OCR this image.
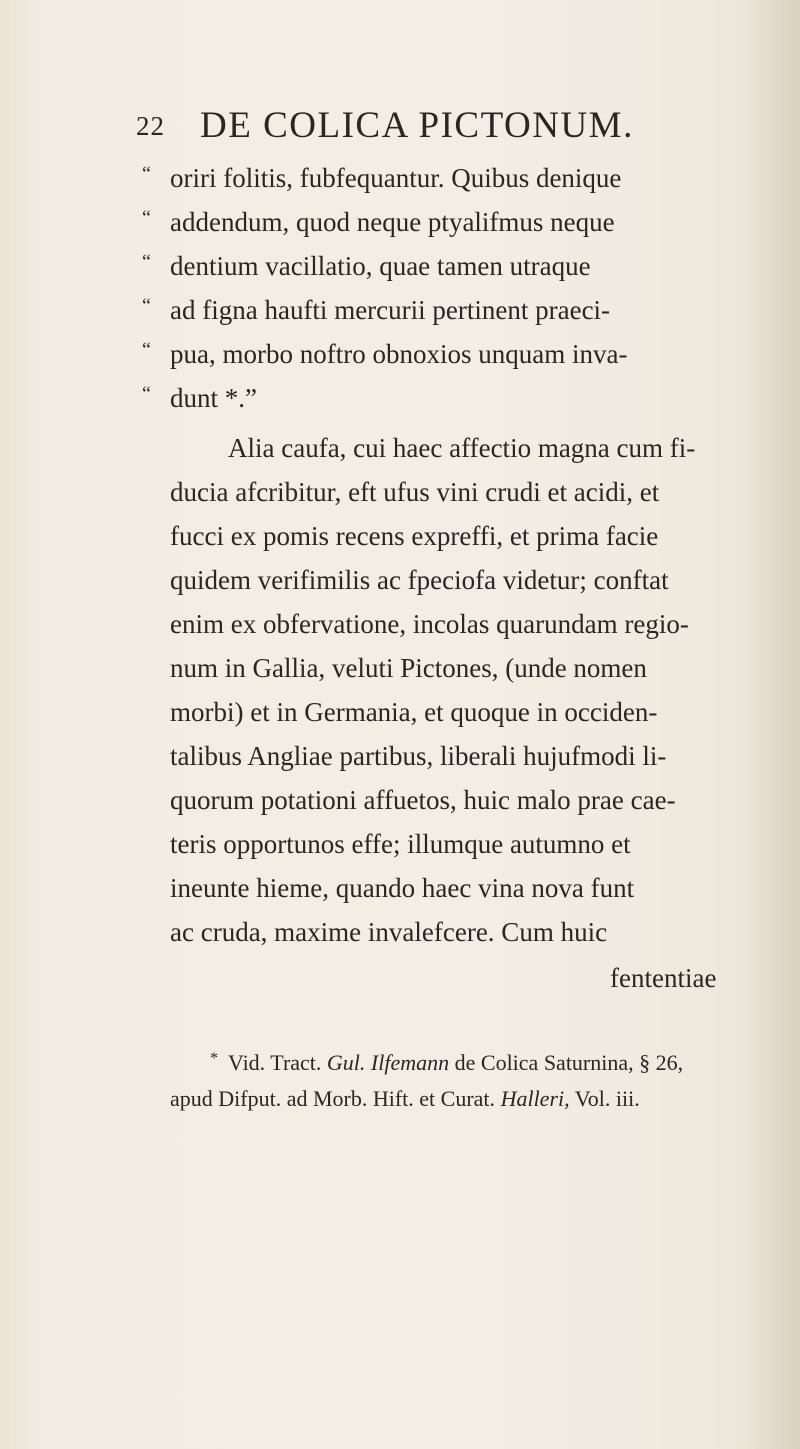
22 DE COLICA PICTONUM.
“ oriri folitis, fubfequantur. Quibus denique
“ addendum, quod neque ptyalifmus neque
“ dentium vacillatio, quae tamen utraque
“ ad figna haufti mercurii pertinent praeci-
“ pua, morbo noftro obnoxios unquam inva-
“ dunt *.”
Alia caufa, cui haec affectio magna cum fi-
ducia afcribitur, eft ufus vini crudi et acidi, et
fucci ex pomis recens expreffi, et prima facie
quidem verifimilis ac fpeciofa videtur; conftat
enim ex obfervatione, incolas quarundam regio-
num in Gallia, veluti Pictones, (unde nomen
morbi) et in Germania, et quoque in occiden-
talibus Angliae partibus, liberali hujufmodi li-
quorum potationi affuetos, huic malo prae cae-
teris opportunos effe; illumque autumno et
ineunte hieme, quando haec vina nova funt
ac cruda, maxime invalefcere. Cum huic
fententiae
* Vid. Tract. Gul. Ilfemann de Colica Saturnina, § 26,
apud Difput. ad Morb. Hift. et Curat. Halleri, Vol. iii.
